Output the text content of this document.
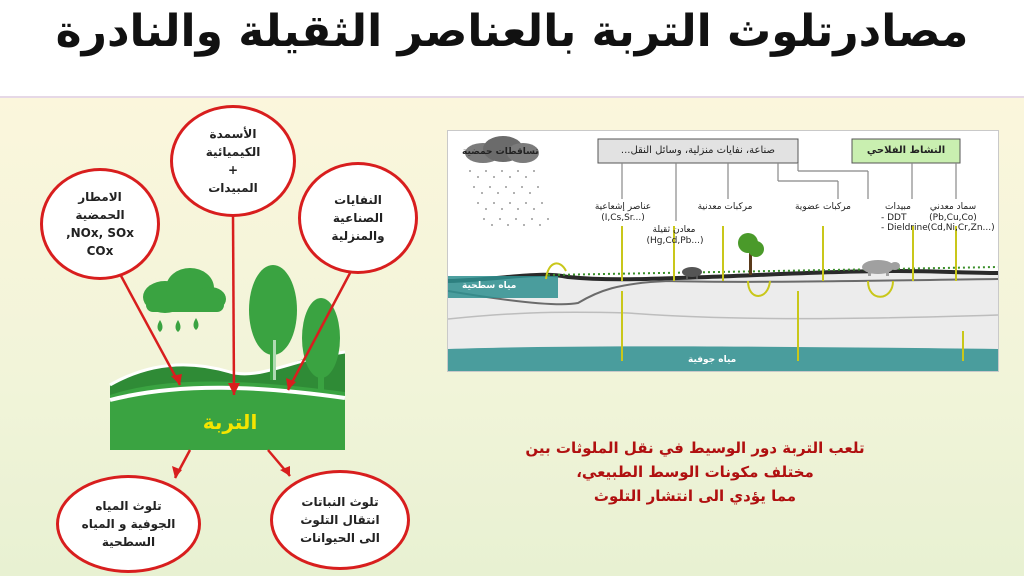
مصادرتلوث التربة بالعناصر الثقيلة والنادرة
التربة
الامطار
الحمضية
NOx, SOx,
COx
الأسمدة
الكيميائية
+
المبيدات
النفايات
الصناعية
والمنزلية
تلوث المياه
الجوفية و المياه
السطحية
تلوث النباتات
انتقال التلوث
الى الحيوانات
تساقطات حمضية	صناعة، نفايات منزلية، وسائل النقل...	النشاط الفلاحي
عناصر إشعاعية
(I,Cs,Sr...)
معادن ثقيلة
(Hg,Cd,Pb...)
مركبات معدنية	مركبات عضوية	مبيدات
- DDT
- Dieldrine
سماد معدني
(Pb,Cu,Co)
(Cd,Ni,Cr,Zn...)
مياه سطحية
مياه جوفية
تلعب التربة دور الوسيط في نقل الملوثات بين
مختلف مكونات الوسط الطبيعي،
مما يؤدي الى انتشار التلوث
